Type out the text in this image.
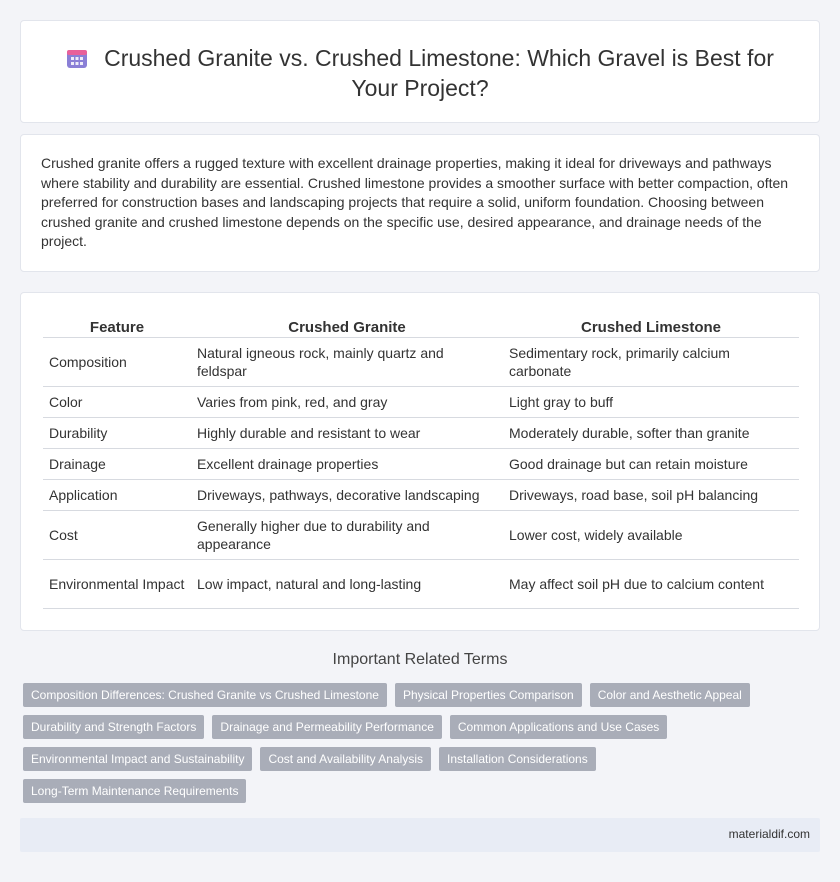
Crushed Granite vs. Crushed Limestone: Which Gravel is Best for Your Project?

Crushed granite offers a rugged texture with excellent drainage properties, making it ideal for driveways and pathways where stability and durability are essential. Crushed limestone provides a smoother surface with better compaction, often preferred for construction bases and landscaping projects that require a solid, uniform foundation. Choosing between crushed granite and crushed limestone depends on the specific use, desired appearance, and drainage needs of the project.

Feature	Crushed Granite	Crushed Limestone
Composition	Natural igneous rock, mainly quartz and feldspar	Sedimentary rock, primarily calcium carbonate
Color	Varies from pink, red, and gray	Light gray to buff
Durability	Highly durable and resistant to wear	Moderately durable, softer than granite
Drainage	Excellent drainage properties	Good drainage but can retain moisture
Application	Driveways, pathways, decorative landscaping	Driveways, road base, soil pH balancing
Cost	Generally higher due to durability and appearance	Lower cost, widely available
Environmental Impact	Low impact, natural and long-lasting	May affect soil pH due to calcium content
Important Related Terms
Composition Differences: Crushed Granite vs Crushed Limestone	Physical Properties Comparison	Color and Aesthetic Appeal
Durability and Strength Factors	Drainage and Permeability Performance	Common Applications and Use Cases
Environmental Impact and Sustainability	Cost and Availability Analysis	Installation Considerations
Long-Term Maintenance Requirements
materialdif.com
